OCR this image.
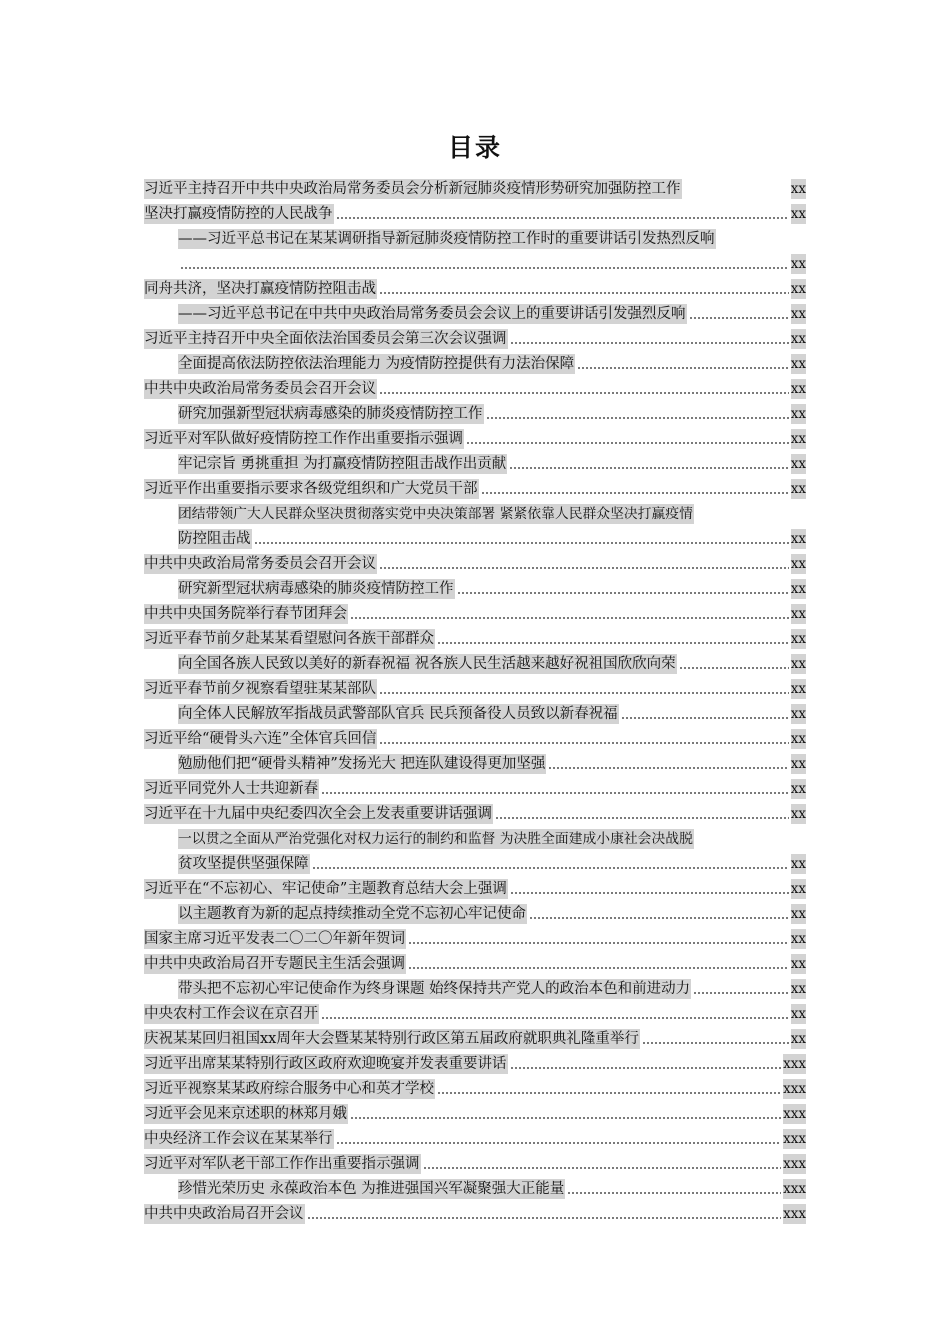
目录
习近平主持召开中共中央政治局常务委员会分析新冠肺炎疫情形势研究加强防控工作	xx
坚决打赢疫情防控的人民战争	xx
——习近平总书记在某某调研指导新冠肺炎疫情防控工作时的重要讲话引发热烈反响
xx
同舟共济，坚决打赢疫情防控阻击战	xx
——习近平总书记在中共中央政治局常务委员会会议上的重要讲话引发强烈反响	xx
习近平主持召开中央全面依法治国委员会第三次会议强调	xx
全面提高依法防控依法治理能力 为疫情防控提供有力法治保障	xx
中共中央政治局常务委员会召开会议	xx
研究加强新型冠状病毒感染的肺炎疫情防控工作	xx
习近平对军队做好疫情防控工作作出重要指示强调	xx
牢记宗旨 勇挑重担 为打赢疫情防控阻击战作出贡献	xx
习近平作出重要指示要求各级党组织和广大党员干部	xx
团结带领广大人民群众坚决贯彻落实党中央决策部署 紧紧依靠人民群众坚决打赢疫情
防控阻击战	xx
中共中央政治局常务委员会召开会议	xx
研究新型冠状病毒感染的肺炎疫情防控工作	xx
中共中央国务院举行春节团拜会	xx
习近平春节前夕赴某某看望慰问各族干部群众	xx
向全国各族人民致以美好的新春祝福 祝各族人民生活越来越好祝祖国欣欣向荣	xx
习近平春节前夕视察看望驻某某部队	xx
向全体人民解放军指战员武警部队官兵 民兵预备役人员致以新春祝福	xx
习近平给“硬骨头六连”全体官兵回信	xx
勉励他们把“硬骨头精神”发扬光大 把连队建设得更加坚强	xx
习近平同党外人士共迎新春	xx
习近平在十九届中央纪委四次全会上发表重要讲话强调	xx
一以贯之全面从严治党强化对权力运行的制约和监督 为决胜全面建成小康社会决战脱
贫攻坚提供坚强保障	xx
习近平在“不忘初心、牢记使命”主题教育总结大会上强调	xx
以主题教育为新的起点持续推动全党不忘初心牢记使命	xx
国家主席习近平发表二〇二〇年新年贺词	xx
中共中央政治局召开专题民主生活会强调	xx
带头把不忘初心牢记使命作为终身课题 始终保持共产党人的政治本色和前进动力	xx
中央农村工作会议在京召开	xx
庆祝某某回归祖国xx周年大会暨某某特别行政区第五届政府就职典礼隆重举行	xx
习近平出席某某特别行政区政府欢迎晚宴并发表重要讲话	xxx
习近平视察某某政府综合服务中心和英才学校	xxx
习近平会见来京述职的林郑月娥	xxx
中央经济工作会议在某某举行	xxx
习近平对军队老干部工作作出重要指示强调	xxx
珍惜光荣历史 永葆政治本色 为推进强国兴军凝聚强大正能量	xxx
中共中央政治局召开会议	xxx
